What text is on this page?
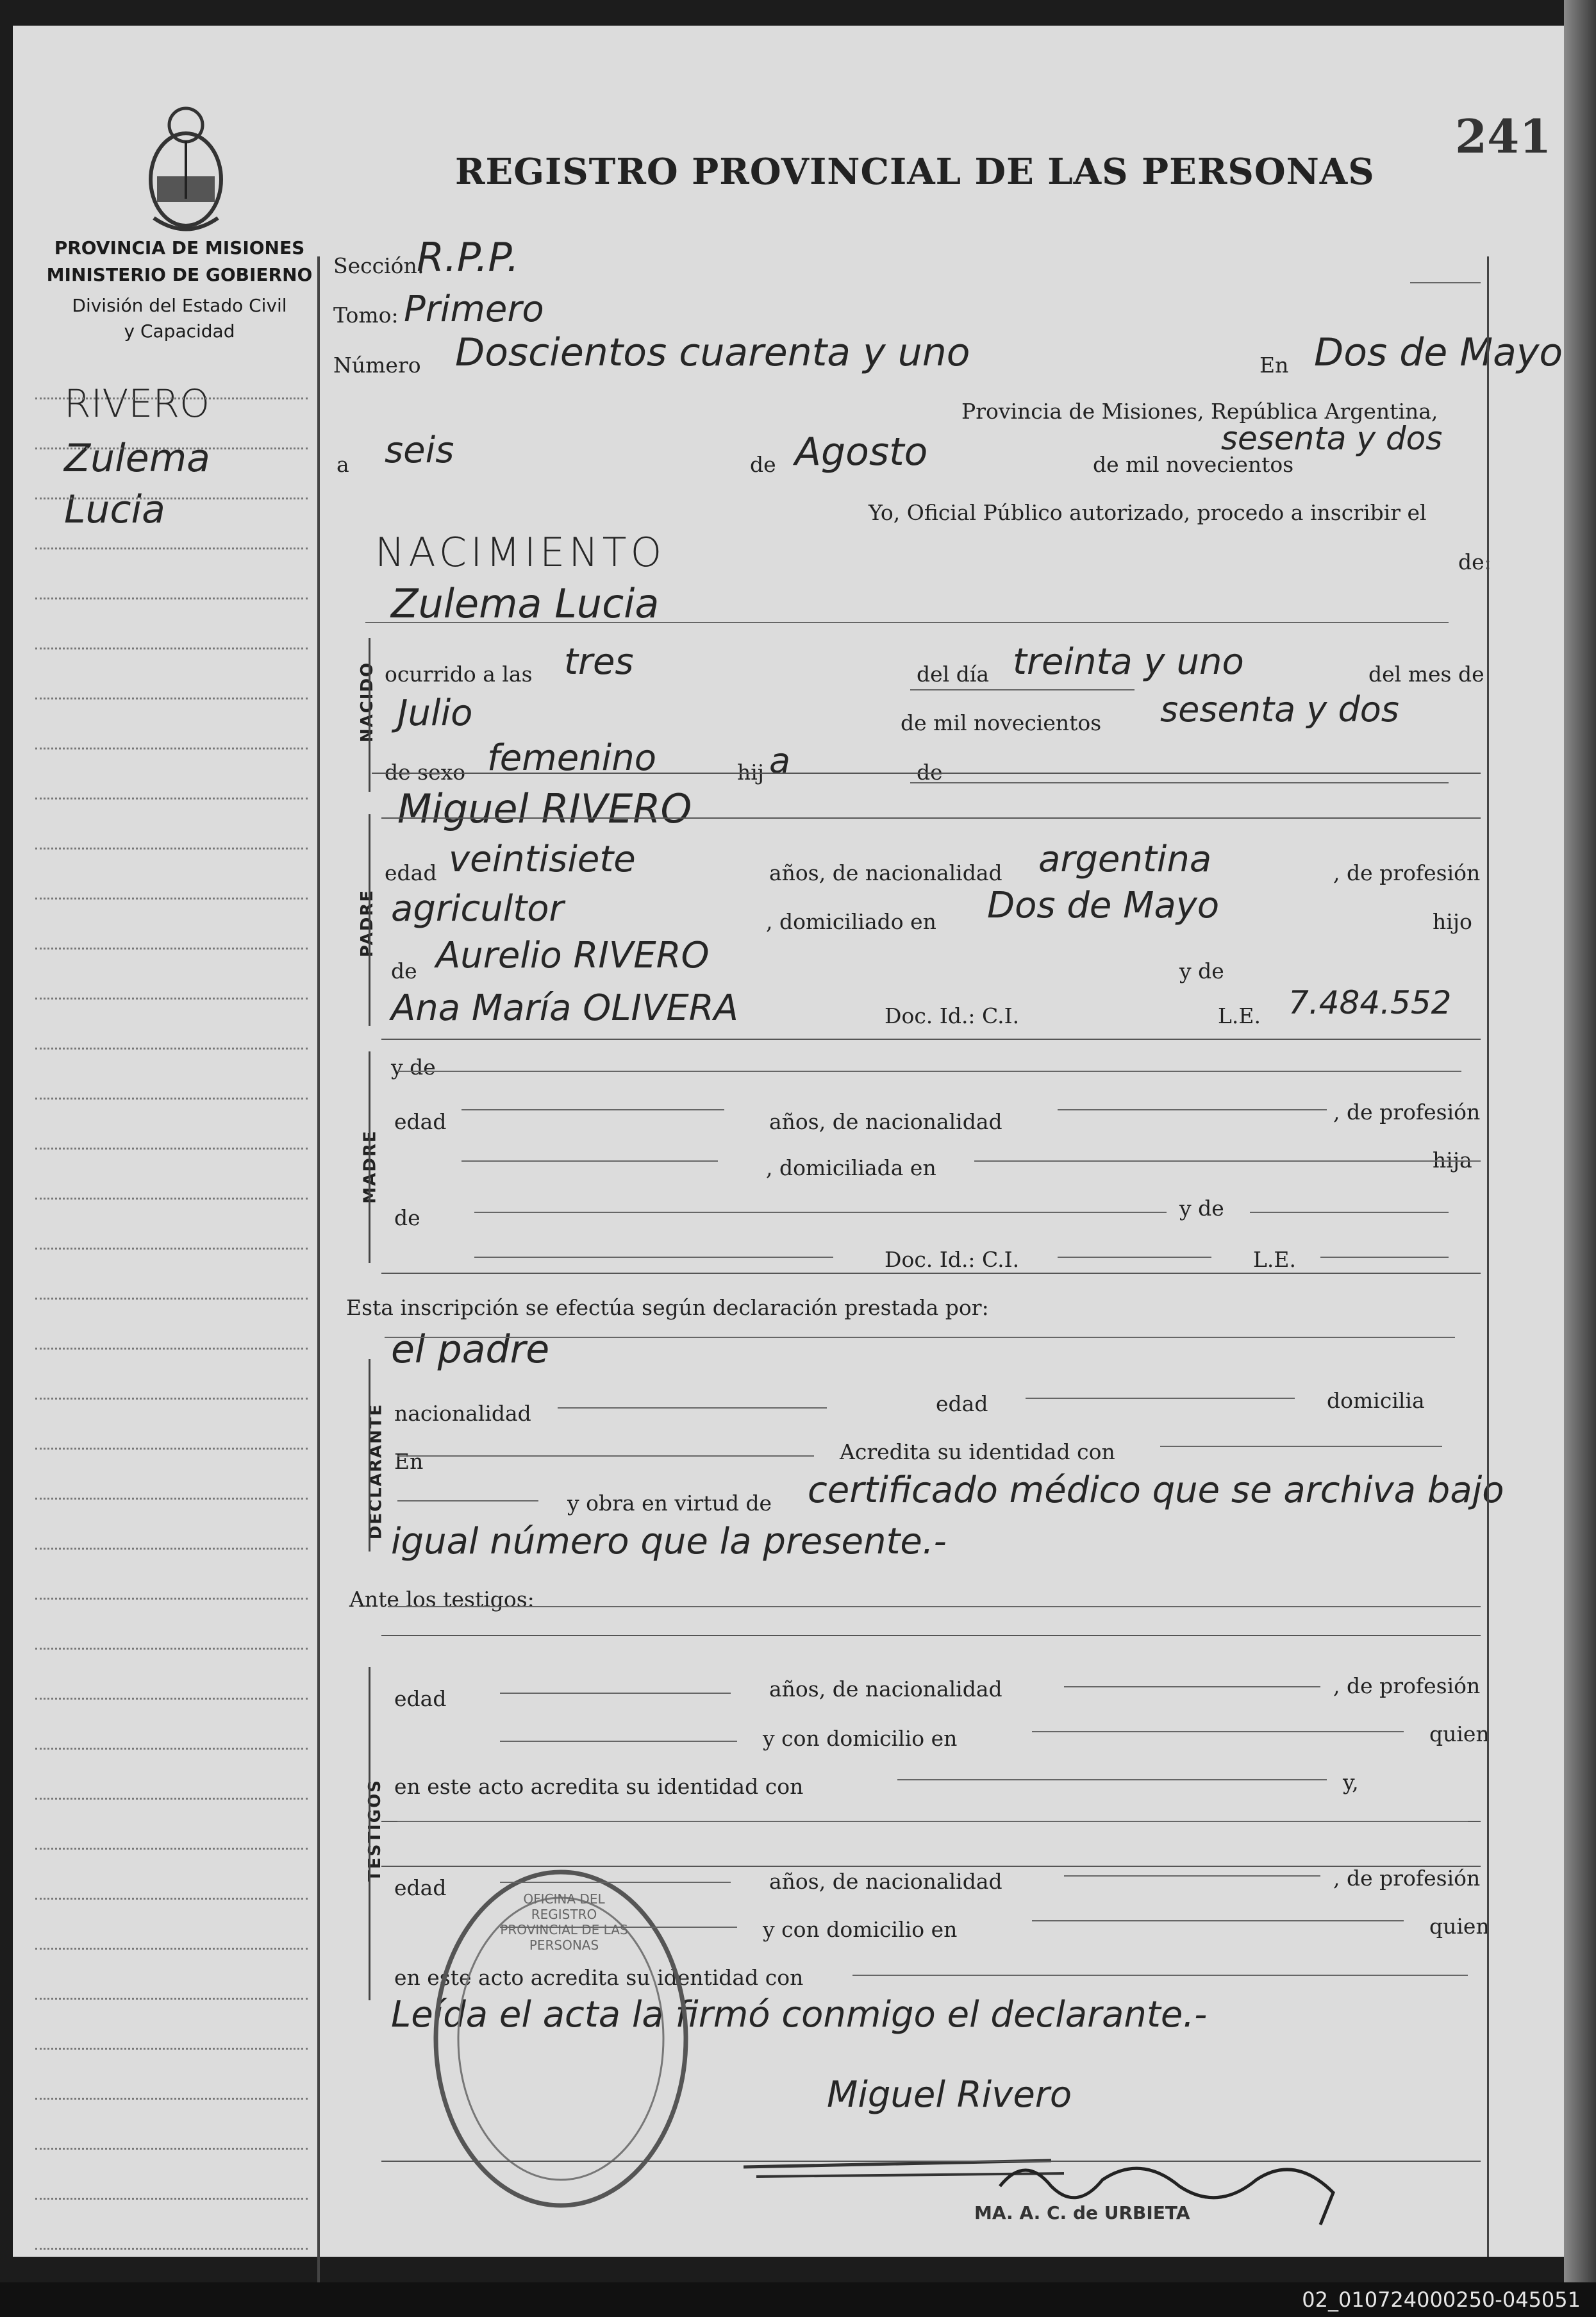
241
REGISTRO PROVINCIAL DE LAS PERSONAS
PROVINCIA DE MISIONES
MINISTERIO DE GOBIERNO
División del Estado Civil
y Capacidad
RIVERO
Zulema
Lucia
Sección:
R.P.P.
Tomo: Primero
Número Doscientos cuarenta y uno	En Dos de Mayo
Provincia de Misiones, República Argentina,
a seis	de Agosto	de mil novecientos
sesenta y dos
Yo, Oficial Público autorizado, procedo a inscribir el
NACIMIENTO	de:
Zulema Lucia
NACIDO ocurrido a las tres	del día treinta y uno	del mes de
Julio	de mil novecientos sesenta y dos
de sexo femenino	hij a	de
Miguel RIVERO
PADRE
edad veintisiete	años, de nacionalidad argentina	, de profesión
agricultor	, domiciliado en Dos de Mayo	hijo
de Aurelio RIVERO	y de
Ana María OLIVERA	Doc. Id.: C.I.	L.E. 7.484.552
MADRE
y de
edad	años, de nacionalidad	, de profesión
, domiciliada en	hija
de	y de
Doc. Id.: C.I.	L.E.
Esta inscripción se efectúa según declaración prestada por:
el padre
DECLARANTE nacionalidad	edad	domicilia
En	Acredita su identidad con
y obra en virtud de certificado médico que se archiva bajo igual número que la presente.-
Ante los testigos:
TESTIGOS
edad	años, de nacionalidad	, de profesión
y con domicilio en	quien
en este acto acredita su identidad con	y,
edad	años, de nacionalidad	, de profesión
y con domicilio en	quien
en este acto acredita su identidad con
Leída el acta la firmó conmigo el declarante.-
OFICINA DEL REGISTRO PROVINCIAL DE LAS PERSONAS
Miguel Rivero
MA. A. C. de URBIETA
02_010724000250-045051
